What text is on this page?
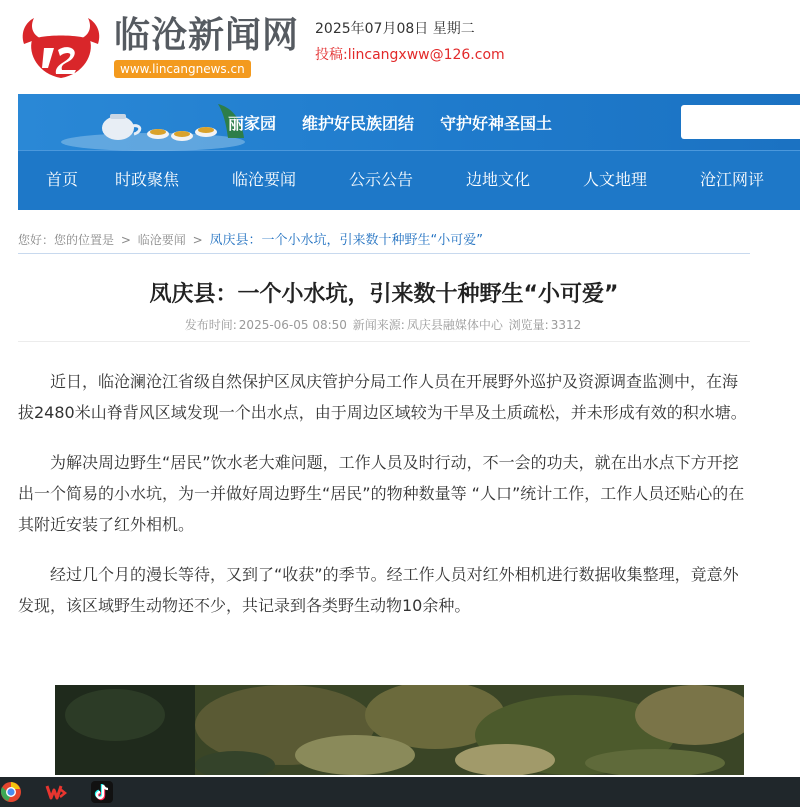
临沧新闻网
www.lincangnews.cn
2025年07月08日 星期二
投稿:lincangxww@126.com
丽家园 维护好民族团结 守护好神圣国土
首页 时政聚焦	临沧要闻	公示公告	边地文化	人文地理	沧江网评
您好：您的位置是 > 临沧要闻 > 凤庆县：一个小水坑，引来数十种野生“小可爱”
凤庆县：一个小水坑，引来数十种野生“小可爱”
发布时间: 2025-06-05 08:50 新闻来源: 凤庆县融媒体中心 浏览量: 3312

近日，临沧澜沧江省级自然保护区凤庆管护分局工作人员在开展野外巡护及资源调查监测中，在海拔2480米山脊背风区域发现一个出水点，由于周边区域较为干旱及土质疏松，并未形成有效的积水塘。

为解决周边野生“居民”饮水老大难问题，工作人员及时行动，不一会的功夫，就在出水点下方开挖出一个简易的小水坑，为一并做好周边野生“居民”的物种数量等 “人口”统计工作，工作人员还贴心的在其附近安装了红外相机。

经过几个月的漫长等待，又到了“收获”的季节。经工作人员对红外相机进行数据收集整理，竟意外发现，该区域野生动物还不少，共记录到各类野生动物10余种。
